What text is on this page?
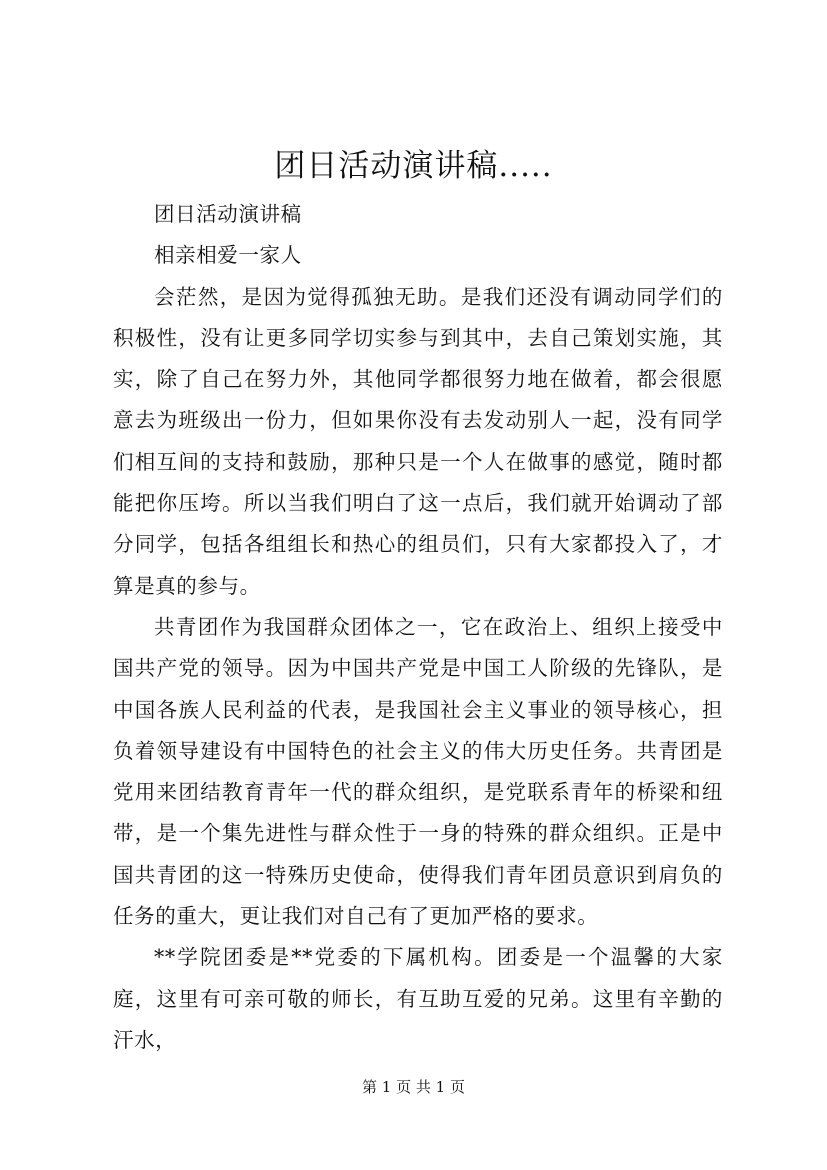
团日活动演讲稿.....

团日活动演讲稿

相亲相爱一家人

会茫然，是因为觉得孤独无助。是我们还没有调动同学们的积极性，没有让更多同学切实参与到其中，去自己策划实施，其实，除了自己在努力外，其他同学都很努力地在做着，都会很愿意去为班级出一份力，但如果你没有去发动别人一起，没有同学们相互间的支持和鼓励，那种只是一个人在做事的感觉，随时都能把你压垮。所以当我们明白了这一点后，我们就开始调动了部分同学，包括各组组长和热心的组员们，只有大家都投入了，才算是真的参与。

共青团作为我国群众团体之一，它在政治上、组织上接受中国共产党的领导。因为中国共产党是中国工人阶级的先锋队，是中国各族人民利益的代表，是我国社会主义事业的领导核心，担负着领导建设有中国特色的社会主义的伟大历史任务。共青团是党用来团结教育青年一代的群众组织，是党联系青年的桥梁和纽带，是一个集先进性与群众性于一身的特殊的群众组织。正是中国共青团的这一特殊历史使命，使得我们青年团员意识到肩负的任务的重大，更让我们对自己有了更加严格的要求。

**学院团委是**党委的下属机构。团委是一个温馨的大家庭，这里有可亲可敬的师长，有互助互爱的兄弟。这里有辛勤的汗水，

第 1 页 共 1 页
